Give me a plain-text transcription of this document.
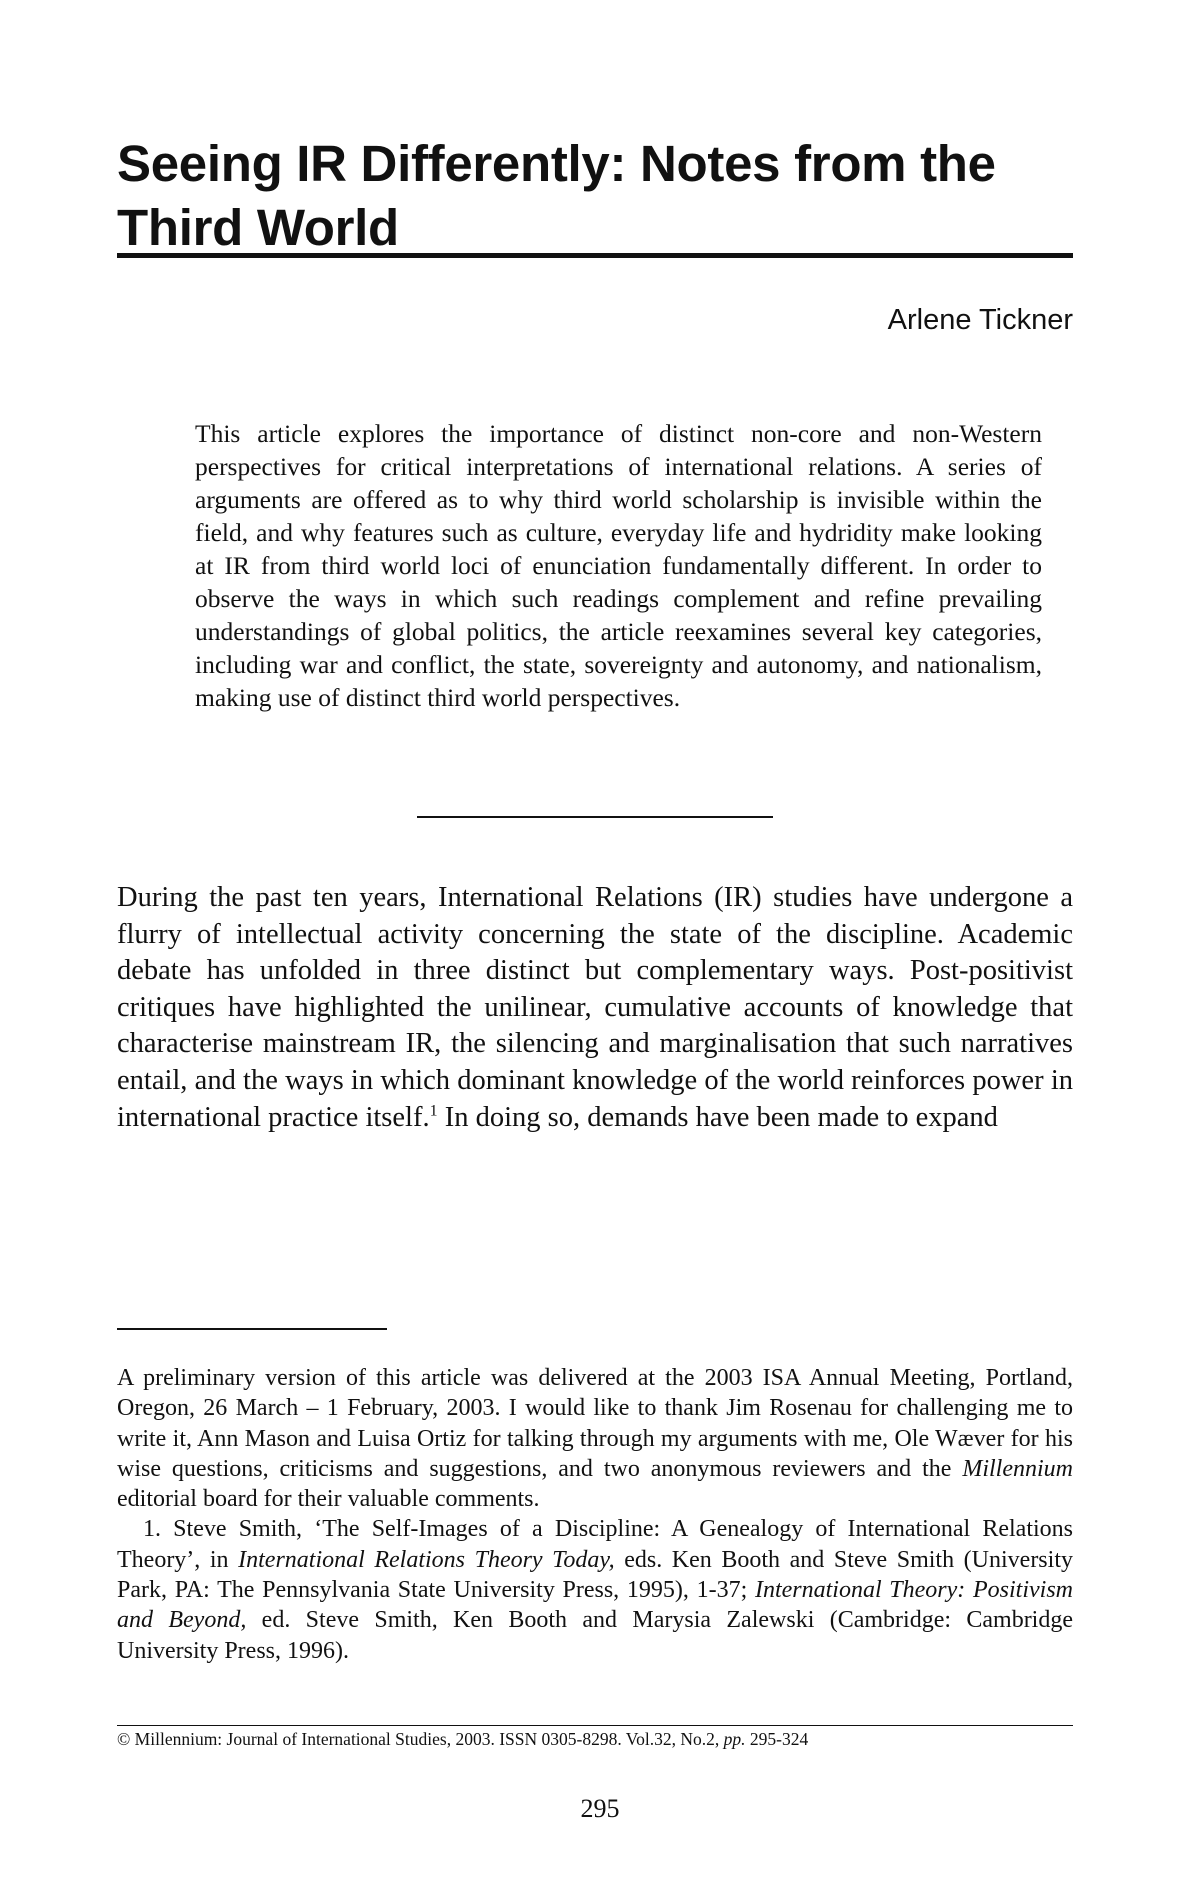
Seeing IR Differently: Notes from the Third World
Arlene Tickner

This article explores the importance of distinct non-core and non-Western perspectives for critical interpretations of international relations. A series of arguments are offered as to why third world scholarship is invisible within the field, and why features such as culture, everyday life and hydridity make looking at IR from third world loci of enunciation fundamentally different. In order to observe the ways in which such readings complement and refine prevailing understandings of global politics, the article reexamines several key categories, including war and conflict, the state, sovereignty and autonomy, and nationalism, making use of distinct third world perspectives.

During the past ten years, International Relations (IR) studies have undergone a flurry of intellectual activity concerning the state of the discipline. Academic debate has unfolded in three distinct but complementary ways. Post-positivist critiques have highlighted the unilinear, cumulative accounts of knowledge that characterise mainstream IR, the silencing and marginalisation that such narratives entail, and the ways in which dominant knowledge of the world reinforces power in international practice itself.$^1$ In doing so, demands have been made to expand

A preliminary version of this article was delivered at the 2003 ISA Annual Meeting, Portland, Oregon, 26 March – 1 February, 2003. I would like to thank Jim Rosenau for challenging me to write it, Ann Mason and Luisa Ortiz for talking through my arguments with me, Ole Wæver for his wise questions, criticisms and suggestions, and two anonymous reviewers and the Millennium editorial board for their valuable comments.

1. Steve Smith, ‘The Self-Images of a Discipline: A Genealogy of International Relations Theory’, in International Relations Theory Today, eds. Ken Booth and Steve Smith (University Park, PA: The Pennsylvania State University Press, 1995), 1-37; International Theory: Positivism and Beyond, ed. Steve Smith, Ken Booth and Marysia Zalewski (Cambridge: Cambridge University Press, 1996).

© Millennium: Journal of International Studies, 2003. ISSN 0305-8298. Vol.32, No.2, pp. 295-324
295
